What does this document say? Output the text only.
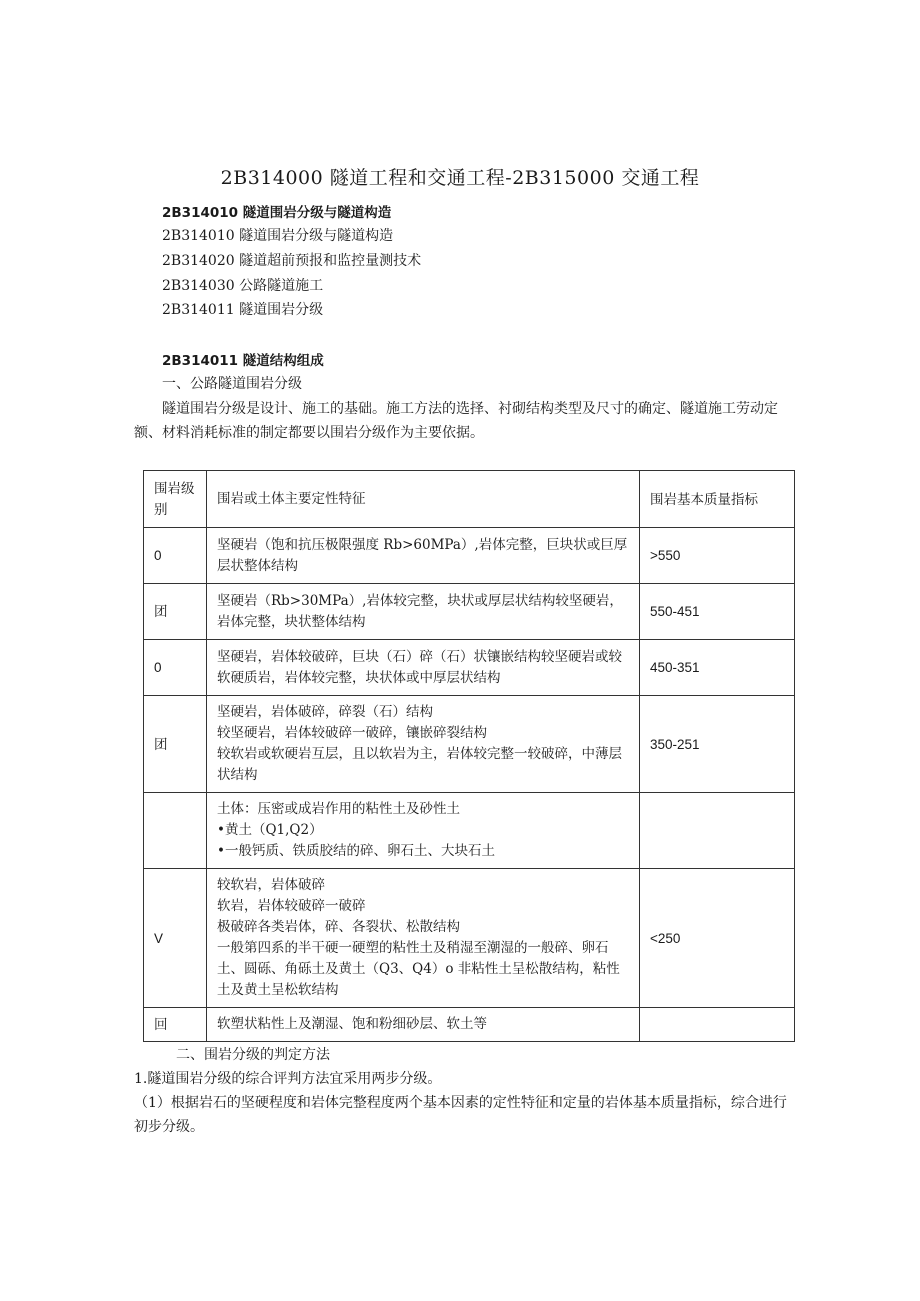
2B314000 隧道工程和交通工程-2B315000 交通工程
2B314010 隧道围岩分级与隧道构造
2B314010 隧道围岩分级与隧道构造
2B314020 隧道超前预报和监控量测技术
2B314030 公路隧道施工
2B314011 隧道围岩分级
2B314011 隧道结构组成
一、公路隧道围岩分级
隧道围岩分级是设计、施工的基础。施工方法的选择、衬砌结构类型及尺寸的确定、隧道施工劳动定额、材料消耗标准的制定都要以围岩分级作为主要依据。
围岩级别	围岩或土体主要定性特征	围岩基本质量指标
0	坚硬岩（饱和抗压极限强度 Rb>60MPa）,岩体完整，巨块状或巨厚层状整体结构	>550
团	坚硬岩（Rb>30MPa）,岩体较完整，块状或厚层状结构较坚硬岩，岩体完整，块状整体结构	550-451
0	坚硬岩，岩体较破碎，巨块（石）碎（石）状镶嵌结构较坚硬岩或较软硬质岩，岩体较完整，块状体或中厚层状结构	450-351
团	坚硬岩，岩体破碎，碎裂（石）结构
较坚硬岩，岩体较破碎一破碎，镶嵌碎裂结构
较软岩或软硬岩互层，且以软岩为主，岩体较完整一较破碎，中薄层状结构	350-251

	土体：压密或成岩作用的粘性土及砂性土
•黄土（Q1,Q2）
•一般钙质、铁质胶结的碎、卵石土、大块石土	

V	较软岩，岩体破碎
软岩，岩体较破碎一破碎
极破碎各类岩体，碎、各裂状、松散结构
一般第四系的半干硬一硬塑的粘性土及稍湿至潮湿的一般碎、卵石土、圆砾、角砾土及黄土（Q3、Q4）o 非粘性土呈松散结构，粘性土及黄土呈松软结构	<250
回	软塑状粘性上及潮湿、饱和粉细砂层、软土等	

二、围岩分级的判定方法
1.隧道围岩分级的综合评判方法宜采用两步分级。
（1）根据岩石的坚硬程度和岩体完整程度两个基本因素的定性特征和定量的岩体基本质量指标，综合进行初步分级。
